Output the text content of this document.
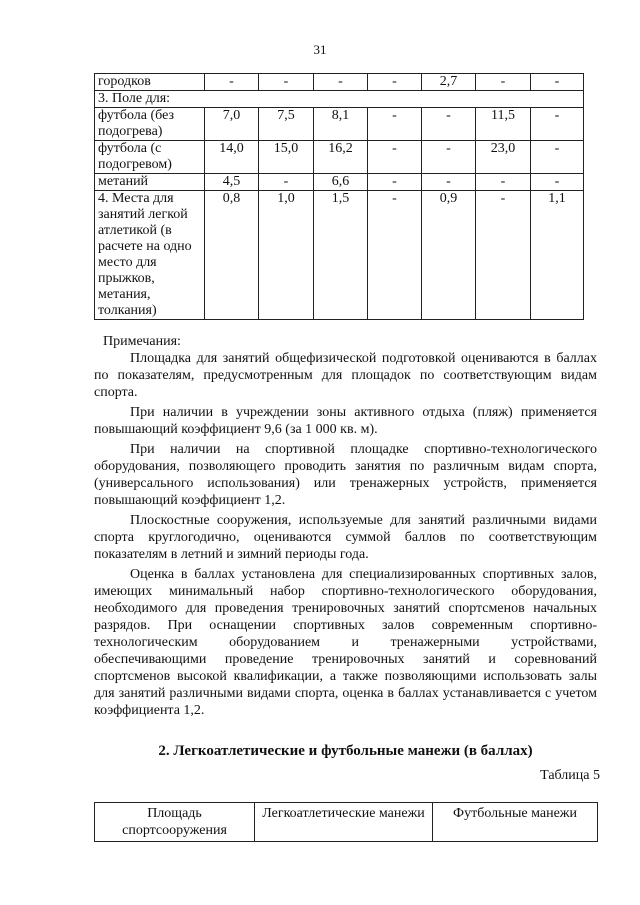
31
городков	-	-	-	-	2,7	-	-
3. Поле для:							
футбола (без подогрева)	7,0	7,5	8,1	-	-	11,5	-
футбола (с подогревом)	14,0	15,0	16,2	-	-	23,0	-
метаний	4,5	-	6,6	-	-	-	-
4. Места для занятий легкой атлетикой (в расчете на одно место для прыжков, метания, толкания)	0,8	1,0	1,5	-	0,9	-	1,1

Примечания:

Площадка для занятий общефизической подготовкой оцениваются в баллах по показателям, предусмотренным для площадок по соответствующим видам спорта.

При наличии в учреждении зоны активного отдыха (пляж) применяется повышающий коэффициент 9,6 (за 1 000 кв. м).

При наличии на спортивной площадке спортивно-технологического оборудования, позволяющего проводить занятия по различным видам спорта, (универсального использования) или тренажерных устройств, применяется повышающий коэффициент 1,2.

Плоскостные сооружения, используемые для занятий различными видами спорта круглогодично, оцениваются суммой баллов по соответствующим показателям в летний и зимний периоды года.

Оценка в баллах установлена для специализированных спортивных залов, имеющих минимальный набор спортивно-технологического оборудования, необходимого для проведения тренировочных занятий спортсменов начальных разрядов. При оснащении спортивных залов современным спортивно-технологическим оборудованием и тренажерными устройствами, обеспечивающими проведение тренировочных занятий и соревнований спортсменов высокой квалификации, а также позволяющими использовать залы для занятий различными видами спорта, оценка в баллах устанавливается с учетом коэффициента 1,2.

2. Легкоатлетические и футбольные манежи (в баллах)
Таблица 5
Площадь спортсооружения	Легкоатлетические манежи	Футбольные манежи
